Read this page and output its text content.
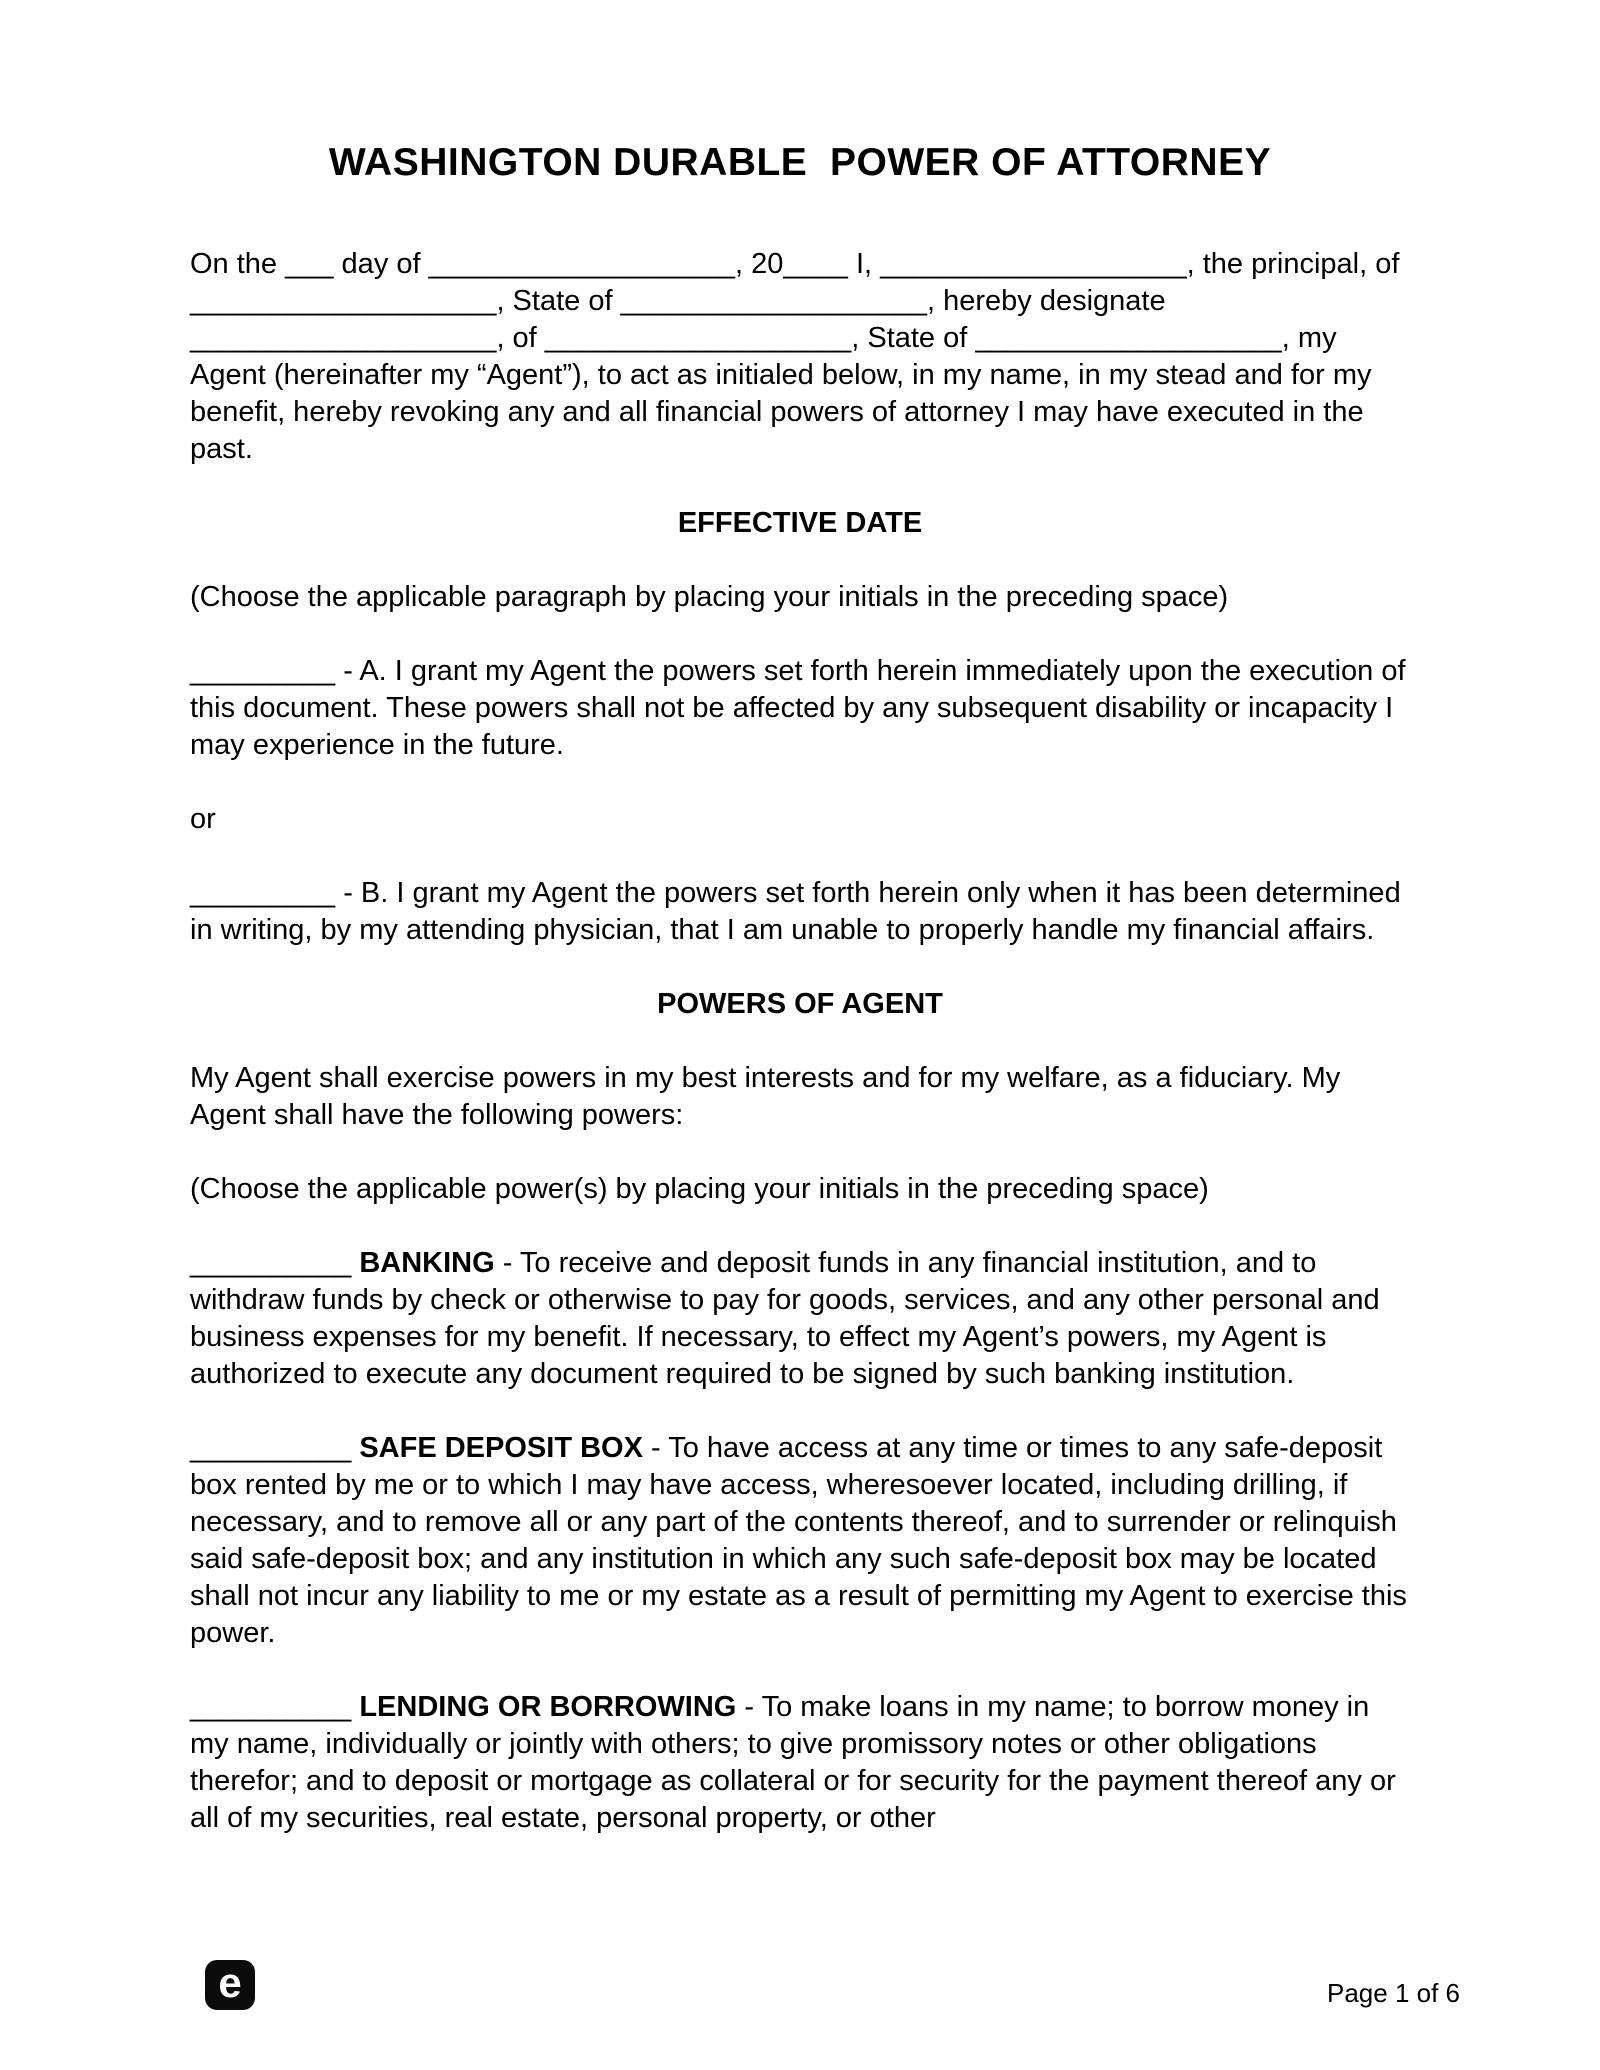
WASHINGTON DURABLE  POWER OF ATTORNEY

On the ___ day of ___________________, 20____ I, ___________________, the principal, of ___________________, State of ___________________, hereby designate ___________________, of ___________________, State of ___________________, my Agent (hereinafter my “Agent”), to act as initialed below, in my name, in my stead and for my benefit, hereby revoking any and all financial powers of attorney I may have executed in the past.

EFFECTIVE DATE

(Choose the applicable paragraph by placing your initials in the preceding space)

_________ - A. I grant my Agent the powers set forth herein immediately upon the execution of this document. These powers shall not be affected by any subsequent disability or incapacity I may experience in the future.

or

_________ - B. I grant my Agent the powers set forth herein only when it has been determined in writing, by my attending physician, that I am unable to properly handle my financial affairs.

POWERS OF AGENT

My Agent shall exercise powers in my best interests and for my welfare, as a fiduciary. My Agent shall have the following powers:

(Choose the applicable power(s) by placing your initials in the preceding space)

__________ BANKING - To receive and deposit funds in any financial institution, and to withdraw funds by check or otherwise to pay for goods, services, and any other personal and business expenses for my benefit. If necessary, to effect my Agent’s powers, my Agent is authorized to execute any document required to be signed by such banking institution.

__________ SAFE DEPOSIT BOX - To have access at any time or times to any safe-deposit box rented by me or to which I may have access, wheresoever located, including drilling, if necessary, and to remove all or any part of the contents thereof, and to surrender or relinquish said safe-deposit box; and any institution in which any such safe-deposit box may be located shall not incur any liability to me or my estate as a result of permitting my Agent to exercise this power.

__________ LENDING OR BORROWING - To make loans in my name; to borrow money in my name, individually or jointly with others; to give promissory notes or other obligations therefor; and to deposit or mortgage as collateral or for security for the payment thereof any or all of my securities, real estate, personal property, or other

e	Page 1 of 6
